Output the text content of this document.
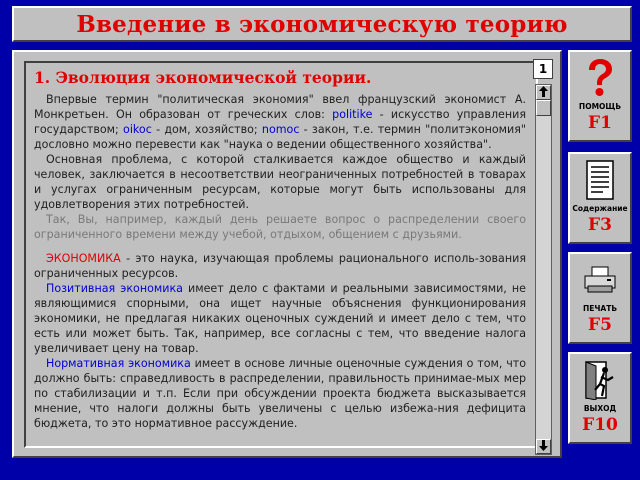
Введение в экономическую теорию
1. Эволюция экономической теории.

Впервые термин "политическая экономия" ввел французский экономист А. Монкретьен. Он образован от греческих слов: politike - искусство управления государством; oikoc - дом, хозяйство; nomoc - закон, т.е. термин "политэкономия" дословно можно перевести как "наука о ведении общественного хозяйства".

Основная проблема, с которой сталкивается каждое общество и каждый человек, заключается в несоответствии неограниченных потребностей в товарах и услугах ограниченным ресурсам, которые могут быть использованы для удовлетворения этих потребностей.

Так, Вы, например, каждый день решаете вопрос о распределении своего ограниченного времени между учебой, отдыхом, общением с друзьями.

ЭКОНОМИКА - это наука, изучающая проблемы рационального исполь-зования ограниченных ресурсов.

Позитивная экономика имеет дело с фактами и реальными зависимостями, не являющимися спорными, она ищет научные объяснения функционирования экономики, не предлагая никаких оценочных суждений и имеет дело с тем, что есть или может быть. Так, например, все согласны с тем, что введение налога увеличивает цену на товар.

Нормативная экономика имеет в основе личные оценочные суждения о том, что должно быть: справедливость в распределении, правильность принимае-мых мер по стабилизации и т.п. Если при обсуждении проекта бюджета высказывается мнение, что налоги должны быть увеличены с целью избежа-ния дефицита бюджета, то это нормативное рассуждение.

1
ПОМОЩЬ
F1
Содержание
F3
ПЕЧАТЬ
F5
ВЫХОД
F10
